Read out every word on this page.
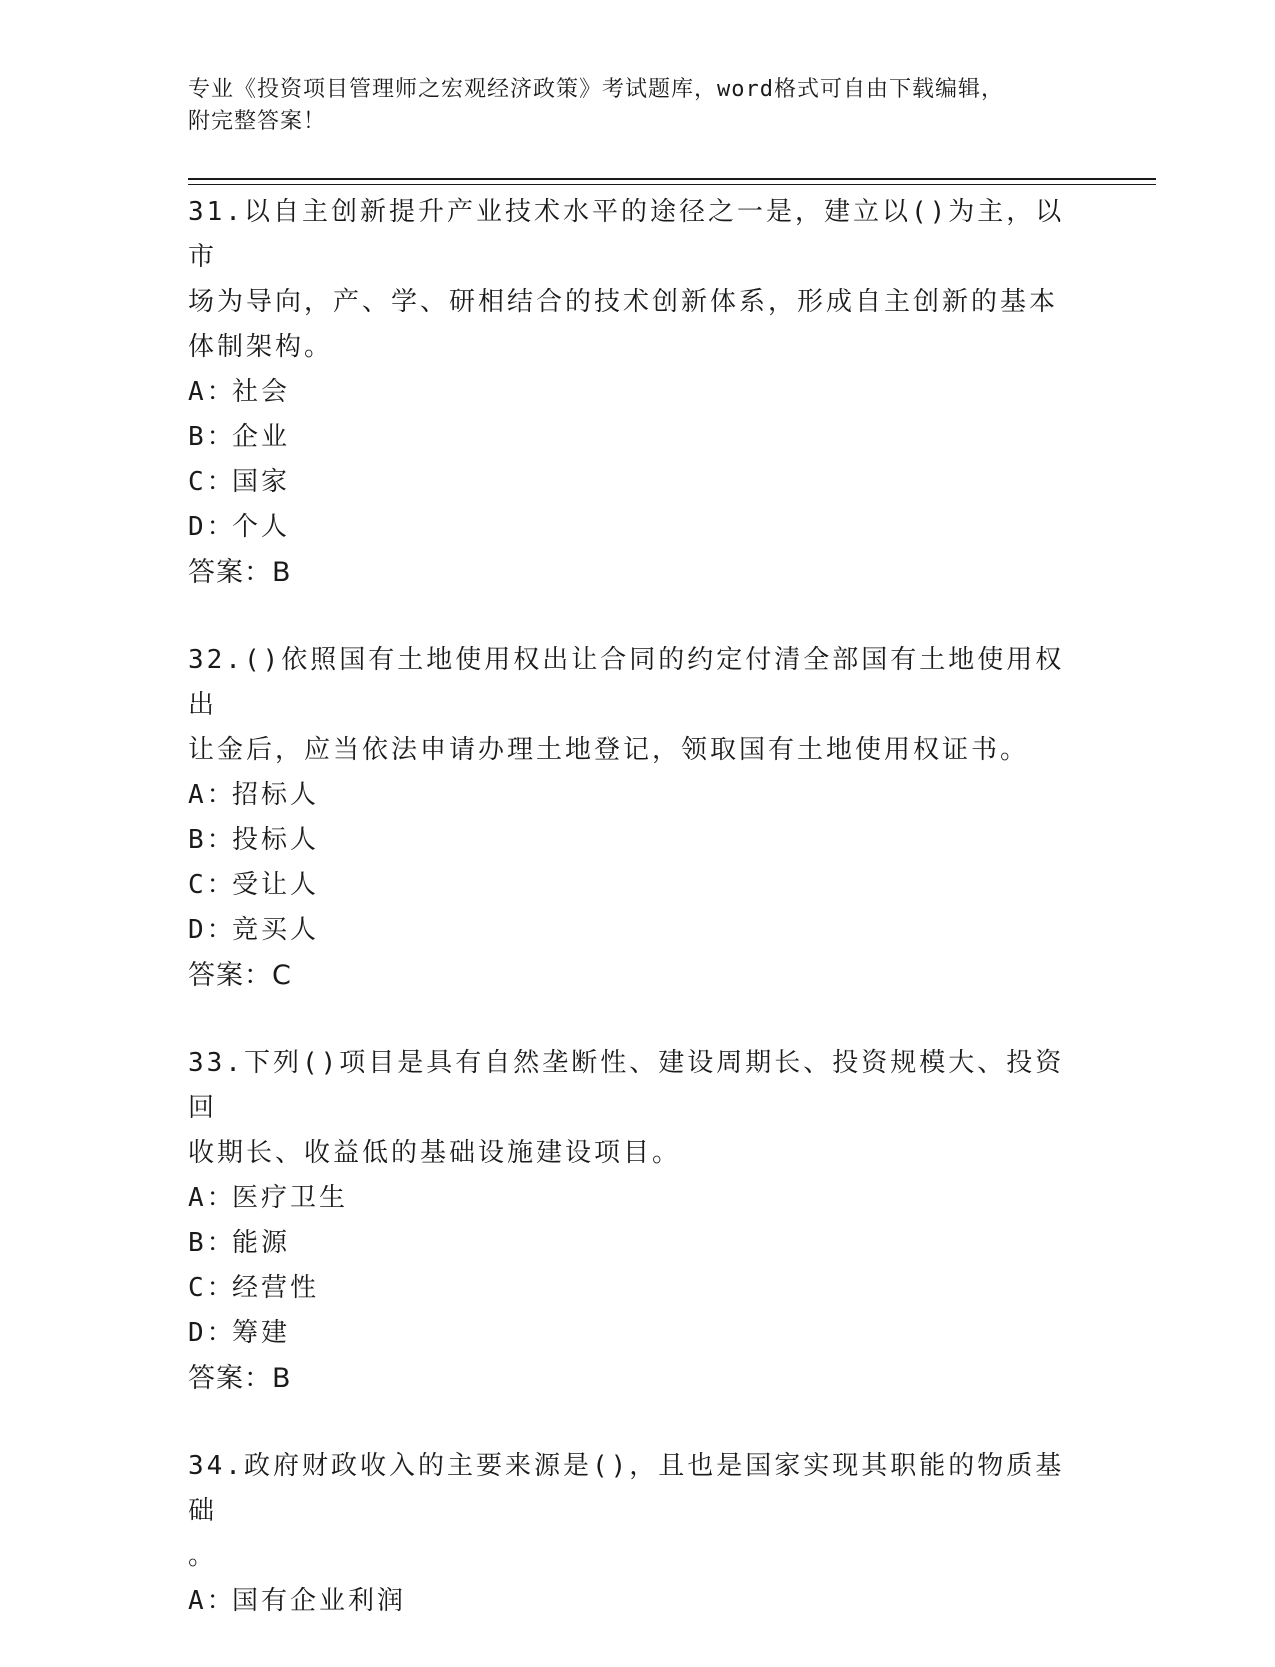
专业《投资项目管理师之宏观经济政策》考试题库，word格式可自由下载编辑，
附完整答案！

31.以自主创新提升产业技术水平的途径之一是，建立以()为主，以市

场为导向，产、学、研相结合的技术创新体系，形成自主创新的基本

体制架构。

A：社会

B：企业

C：国家

D：个人

答案：B

32.()依照国有土地使用权出让合同的约定付清全部国有土地使用权出

让金后，应当依法申请办理土地登记，领取国有土地使用权证书。

A：招标人

B：投标人

C：受让人

D：竞买人

答案：C

33.下列()项目是具有自然垄断性、建设周期长、投资规模大、投资回

收期长、收益低的基础设施建设项目。

A：医疗卫生

B：能源

C：经营性

D：筹建

答案：B

34.政府财政收入的主要来源是()，且也是国家实现其职能的物质基础

。

A：国有企业利润
